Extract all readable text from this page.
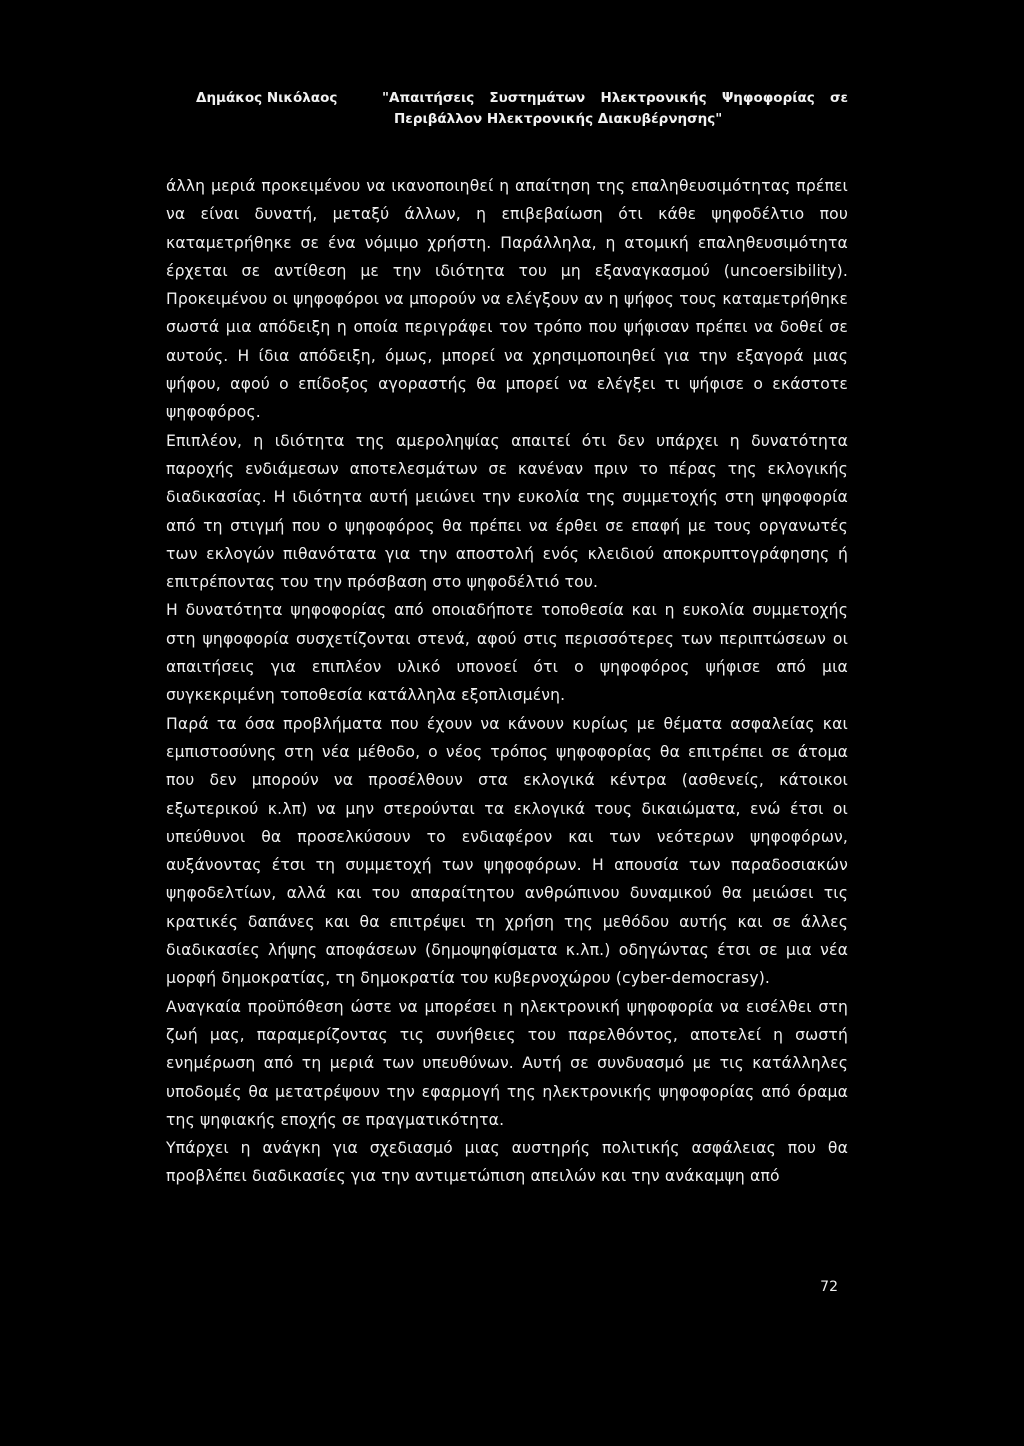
Δημάκος Νικόλαος	"Απαιτήσεις Συστημάτων Ηλεκτρονικής Ψηφοφορίας σε
Περιβάλλον Ηλεκτρονικής Διακυβέρνησης"

άλλη μεριά προκειμένου να ικανοποιηθεί η απαίτηση της επαληθευσιμότητας πρέπει να είναι δυνατή, μεταξύ άλλων, η επιβεβαίωση ότι κάθε ψηφοδέλτιο που καταμετρήθηκε σε ένα νόμιμο χρήστη. Παράλληλα, η ατομική επαληθευσιμότητα έρχεται σε αντίθεση με την ιδιότητα του μη εξαναγκασμού (uncoersibility). Προκειμένου οι ψηφοφόροι να μπορούν να ελέγξουν αν η ψήφος τους καταμετρήθηκε σωστά μια απόδειξη η οποία περιγράφει τον τρόπο που ψήφισαν πρέπει να δοθεί σε αυτούς. Η ίδια απόδειξη, όμως, μπορεί να χρησιμοποιηθεί για την εξαγορά μιας ψήφου, αφού ο επίδοξος αγοραστής θα μπορεί να ελέγξει τι ψήφισε ο εκάστοτε ψηφοφόρος.

Επιπλέον, η ιδιότητα της αμεροληψίας απαιτεί ότι δεν υπάρχει η δυνατότητα παροχής ενδιάμεσων αποτελεσμάτων σε κανέναν πριν το πέρας της εκλογικής διαδικασίας. Η ιδιότητα αυτή μειώνει την ευκολία της συμμετοχής στη ψηφοφορία από τη στιγμή που ο ψηφοφόρος θα πρέπει να έρθει σε επαφή με τους οργανωτές των εκλογών πιθανότατα για την αποστολή ενός κλειδιού αποκρυπτογράφησης ή επιτρέποντας του την πρόσβαση στο ψηφοδέλτιό του.

Η δυνατότητα ψηφοφορίας από οποιαδήποτε τοποθεσία και η ευκολία συμμετοχής στη ψηφοφορία συσχετίζονται στενά, αφού στις περισσότερες των περιπτώσεων οι απαιτήσεις για επιπλέον υλικό υπονοεί ότι ο ψηφοφόρος ψήφισε από μια συγκεκριμένη τοποθεσία κατάλληλα εξοπλισμένη.

Παρά τα όσα προβλήματα που έχουν να κάνουν κυρίως με θέματα ασφαλείας και εμπιστοσύνης στη νέα μέθοδο, ο νέος τρόπος ψηφοφορίας θα επιτρέπει σε άτομα που δεν μπορούν να προσέλθουν στα εκλογικά κέντρα (ασθενείς, κάτοικοι εξωτερικού κ.λπ) να μην στερούνται τα εκλογικά τους δικαιώματα, ενώ έτσι οι υπεύθυνοι θα προσελκύσουν το ενδιαφέρον και των νεότερων ψηφοφόρων, αυξάνοντας έτσι τη συμμετοχή των ψηφοφόρων. Η απουσία των παραδοσιακών ψηφοδελτίων, αλλά και του απαραίτητου ανθρώπινου δυναμικού θα μειώσει τις κρατικές δαπάνες και θα επιτρέψει τη χρήση της μεθόδου αυτής και σε άλλες διαδικασίες λήψης αποφάσεων (δημοψηφίσματα κ.λπ.) οδηγώντας έτσι σε μια νέα μορφή δημοκρατίας, τη δημοκρατία του κυβερνοχώρου (cyber-democrasy).

Αναγκαία προϋπόθεση ώστε να μπορέσει η ηλεκτρονική ψηφοφορία να εισέλθει στη ζωή μας, παραμερίζοντας τις συνήθειες του παρελθόντος, αποτελεί η σωστή ενημέρωση από τη μεριά των υπευθύνων. Αυτή σε συνδυασμό με τις κατάλληλες υποδομές θα μετατρέψουν την εφαρμογή της ηλεκτρονικής ψηφοφορίας από όραμα της ψηφιακής εποχής σε πραγματικότητα.

Υπάρχει η ανάγκη για σχεδιασμό μιας αυστηρής πολιτικής ασφάλειας που θα προβλέπει διαδικασίες για την αντιμετώπιση απειλών και την ανάκαμψη από

72
